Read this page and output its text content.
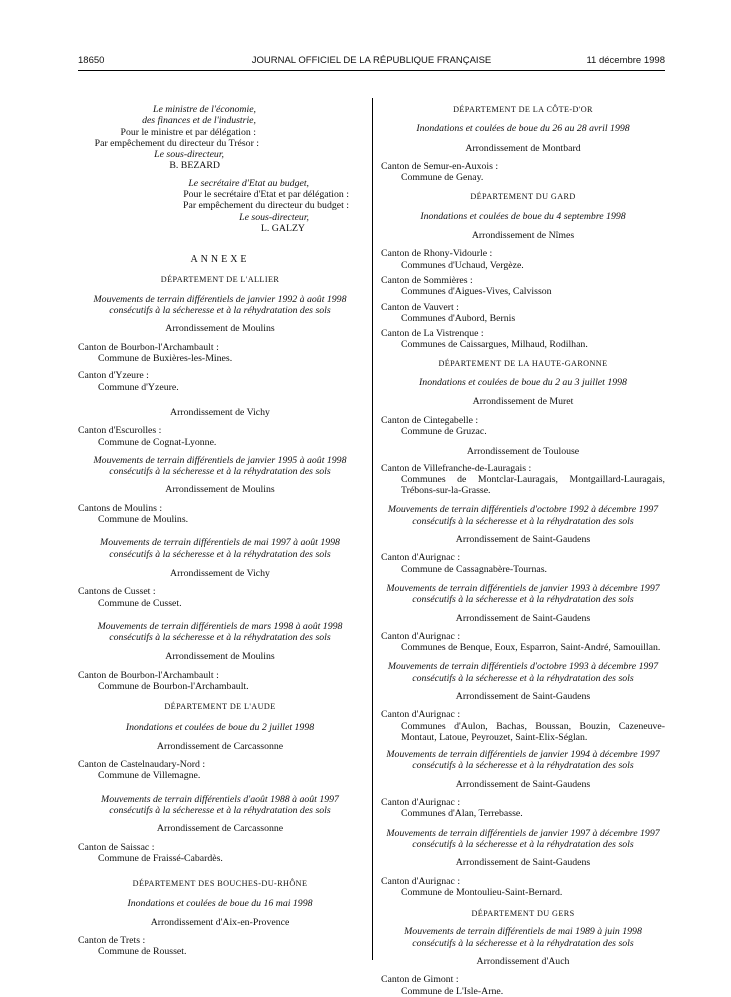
18650	JOURNAL OFFICIEL DE LA RÉPUBLIQUE FRANÇAISE	11 décembre 1998

Le ministre de l'économie,

des finances et de l'industrie,

Pour le ministre et par délégation :

Par empêchement du directeur du Trésor :

Le sous-directeur,

B. BEZARD

Le secrétaire d'Etat au budget,

Pour le secrétaire d'Etat et par délégation :

Par empêchement du directeur du budget :

Le sous-directeur,

L. GALZY

ANNEXE
DÉPARTEMENT DE L'ALLIER
Mouvements de terrain différentiels de janvier 1992 à août 1998
consécutifs à la sécheresse et à la réhydratation des sols
Arrondissement de Moulins
Canton de Bourbon-l'Archambault :
Commune de Buxières-les-Mines.
Canton d'Yzeure :
Commune d'Yzeure.
Arrondissement de Vichy
Canton d'Escurolles :
Commune de Cognat-Lyonne.
Mouvements de terrain différentiels de janvier 1995 à août 1998
consécutifs à la sécheresse et à la réhydratation des sols
Arrondissement de Moulins
Cantons de Moulins :
Commune de Moulins.
Mouvements de terrain différentiels de mai 1997 à août 1998
consécutifs à la sécheresse et à la réhydratation des sols
Arrondissement de Vichy
Cantons de Cusset :
Commune de Cusset.
Mouvements de terrain différentiels de mars 1998 à août 1998
consécutifs à la sécheresse et à la réhydratation des sols
Arrondissement de Moulins
Canton de Bourbon-l'Archambault :
Commune de Bourbon-l'Archambault.
DÉPARTEMENT DE L'AUDE
Inondations et coulées de boue du 2 juillet 1998
Arrondissement de Carcassonne
Canton de Castelnaudary-Nord :
Commune de Villemagne.
Mouvements de terrain différentiels d'août 1988 à août 1997
consécutifs à la sécheresse et à la réhydratation des sols
Arrondissement de Carcassonne
Canton de Saissac :
Commune de Fraissé-Cabardès.
DÉPARTEMENT DES BOUCHES-DU-RHÔNE
Inondations et coulées de boue du 16 mai 1998
Arrondissement d'Aix-en-Provence
Canton de Trets :
Commune de Rousset.
DÉPARTEMENT DE LA CÔTE-D'OR
Inondations et coulées de boue du 26 au 28 avril 1998
Arrondissement de Montbard
Canton de Semur-en-Auxois :
Commune de Genay.
DÉPARTEMENT DU GARD
Inondations et coulées de boue du 4 septembre 1998
Arrondissement de Nîmes
Canton de Rhony-Vidourle :
Communes d'Uchaud, Vergèze.
Canton de Sommières :
Communes d'Aigues-Vives, Calvisson
Canton de Vauvert :
Communes d'Aubord, Bernis
Canton de La Vistrenque :
Communes de Caissargues, Milhaud, Rodilhan.
DÉPARTEMENT DE LA HAUTE-GARONNE
Inondations et coulées de boue du 2 au 3 juillet 1998
Arrondissement de Muret
Canton de Cintegabelle :
Commune de Gruzac.
Arrondissement de Toulouse
Canton de Villefranche-de-Lauragais :
Communes de Montclar-Lauragais, Montgaillard-Lauragais, Trébons-sur-la-Grasse.
Mouvements de terrain différentiels d'octobre 1992 à décembre 1997
consécutifs à la sécheresse et à la réhydratation des sols
Arrondissement de Saint-Gaudens
Canton d'Aurignac :
Commune de Cassagnabère-Tournas.
Mouvements de terrain différentiels de janvier 1993 à décembre 1997
consécutifs à la sécheresse et à la réhydratation des sols
Arrondissement de Saint-Gaudens
Canton d'Aurignac :
Communes de Benque, Eoux, Esparron, Saint-André, Samouillan.
Mouvements de terrain différentiels d'octobre 1993 à décembre 1997
consécutifs à la sécheresse et à la réhydratation des sols
Arrondissement de Saint-Gaudens
Canton d'Aurignac :
Communes d'Aulon, Bachas, Boussan, Bouzin, Cazeneuve-Montaut, Latoue, Peyrouzet, Saint-Elix-Séglan.
Mouvements de terrain différentiels de janvier 1994 à décembre 1997
consécutifs à la sécheresse et à la réhydratation des sols
Arrondissement de Saint-Gaudens
Canton d'Aurignac :
Communes d'Alan, Terrebasse.
Mouvements de terrain différentiels de janvier 1997 à décembre 1997
consécutifs à la sécheresse et à la réhydratation des sols
Arrondissement de Saint-Gaudens
Canton d'Aurignac :
Commune de Montoulieu-Saint-Bernard.
DÉPARTEMENT DU GERS
Mouvements de terrain différentiels de mai 1989 à juin 1998
consécutifs à la sécheresse et à la réhydratation des sols
Arrondissement d'Auch
Canton de Gimont :
Commune de L'Isle-Arne.
